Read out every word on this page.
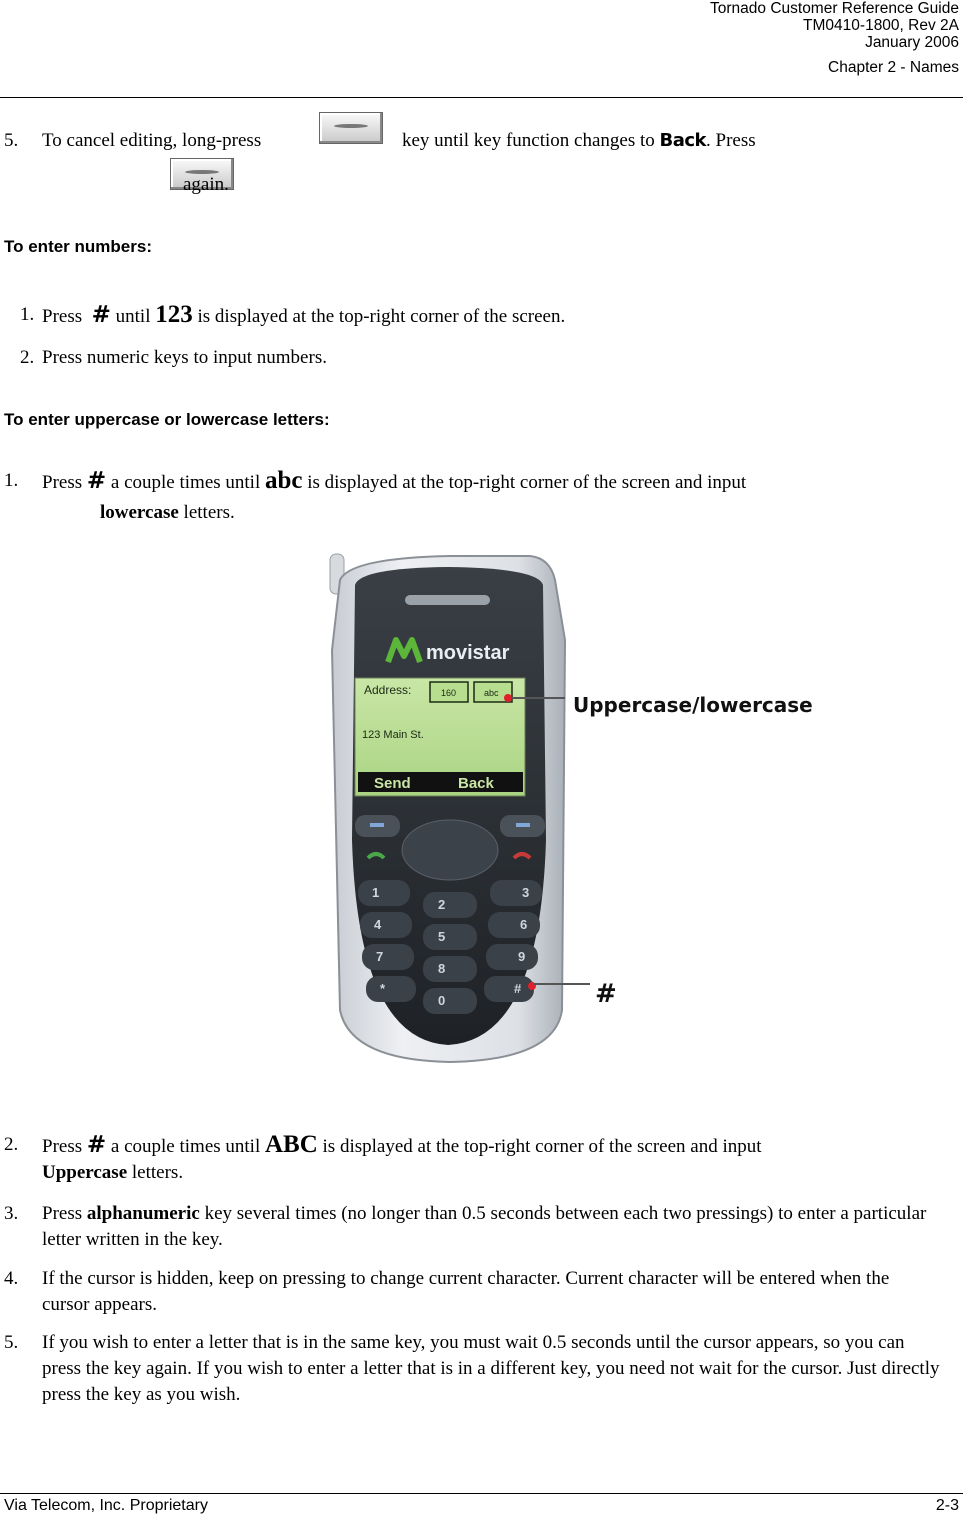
Tornado Customer Reference Guide
TM0410-1800, Rev 2A
January 2006
Chapter 2 - Names
5. To cancel editing, long-press
	key until key function changes to Back. Press
again.
To enter numbers:
1. Press # until 123 is displayed at the top-right corner of the screen.
2. Press numeric keys to input numbers.
To enter uppercase or lowercase letters:
1. Press # a couple times until abc is displayed at the top-right corner of the screen and input
lowercase letters.
movistar
Address:	160	abc
123 Main St.
Send	Back
1
2
3
4
5
6
7
8
9
*
0
#
Uppercase/lowercase
#
2. Press # a couple times until ABC is displayed at the top-right corner of the screen and input
Uppercase letters.
3. Press alphanumeric key several times (no longer than 0.5 seconds between each two pressings) to enter a particular letter written in the key.
4. If the cursor is hidden, keep on pressing to change current character. Current character will be entered when the cursor appears.
5. If you wish to enter a letter that is in the same key, you must wait 0.5 seconds until the cursor appears, so you can press the key again. If you wish to enter a letter that is in a different key, you need not wait for the cursor. Just directly press the key as you wish.
Via Telecom, Inc. Proprietary	2-3
